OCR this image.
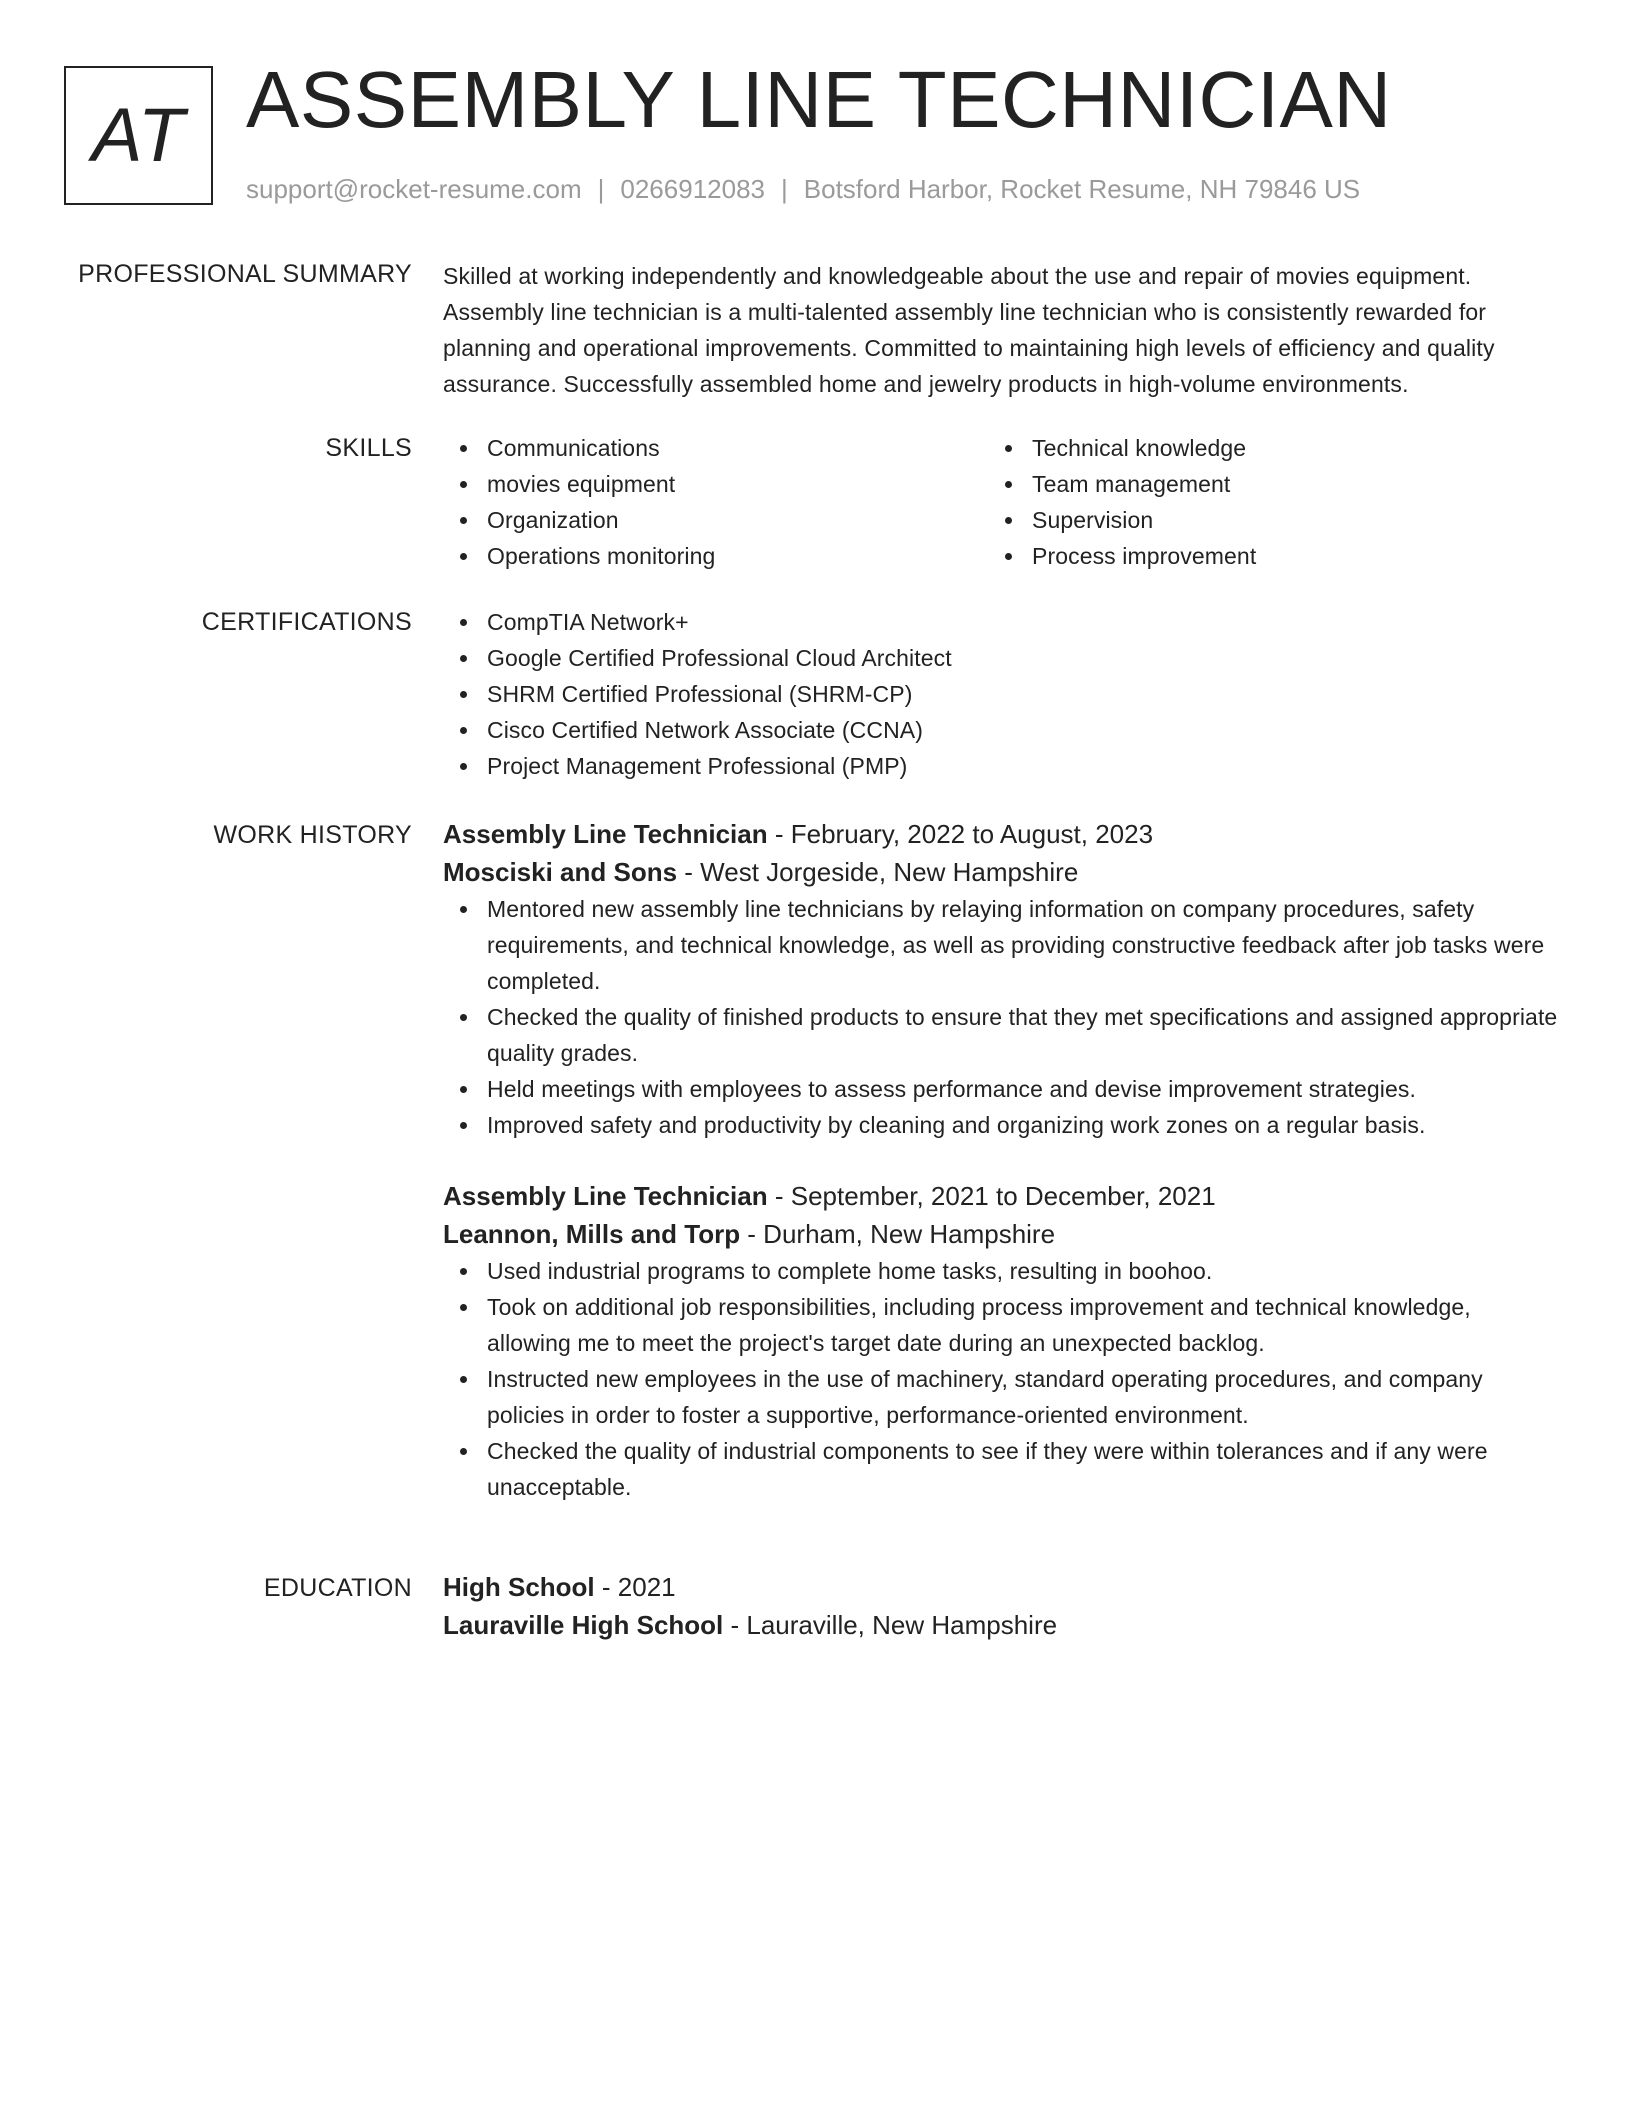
AT ASSEMBLY LINE TECHNICIAN
support@rocket-resume.com | 0266912083 | Botsford Harbor, Rocket Resume, NH 79846 US
PROFESSIONAL SUMMARY Skilled at working independently and knowledgeable about the use and repair of movies equipment. Assembly line technician is a multi-talented assembly line technician who is consistently rewarded for planning and operational improvements. Committed to maintaining high levels of efficiency and quality assurance. Successfully assembled home and jewelry products in high-volume environments.

SKILLS	Communications
movies equipment
Organization
Operations monitoring
Technical knowledge
Team management
Supervision
Process improvement
CERTIFICATIONS	CompTIA Network+
Google Certified Professional Cloud Architect
SHRM Certified Professional (SHRM-CP)
Cisco Certified Network Associate (CCNA)
Project Management Professional (PMP)
WORK HISTORY Assembly Line Technician - February, 2022 to August, 2023
Mosciski and Sons - West Jorgeside, New Hampshire
Mentored new assembly line technicians by relaying information on company procedures, safety requirements, and technical knowledge, as well as providing constructive feedback after job tasks were completed.
Checked the quality of finished products to ensure that they met specifications and assigned appropriate quality grades.
Held meetings with employees to assess performance and devise improvement strategies.
Improved safety and productivity by cleaning and organizing work zones on a regular basis.
Assembly Line Technician - September, 2021 to December, 2021
Leannon, Mills and Torp - Durham, New Hampshire
Used industrial programs to complete home tasks, resulting in boohoo.
Took on additional job responsibilities, including process improvement and technical knowledge, allowing me to meet the project's target date during an unexpected backlog.
Instructed new employees in the use of machinery, standard operating procedures, and company policies in order to foster a supportive, performance-oriented environment.
Checked the quality of industrial components to see if they were within tolerances and if any were unacceptable.
EDUCATION High School - 2021
Lauraville High School - Lauraville, New Hampshire
